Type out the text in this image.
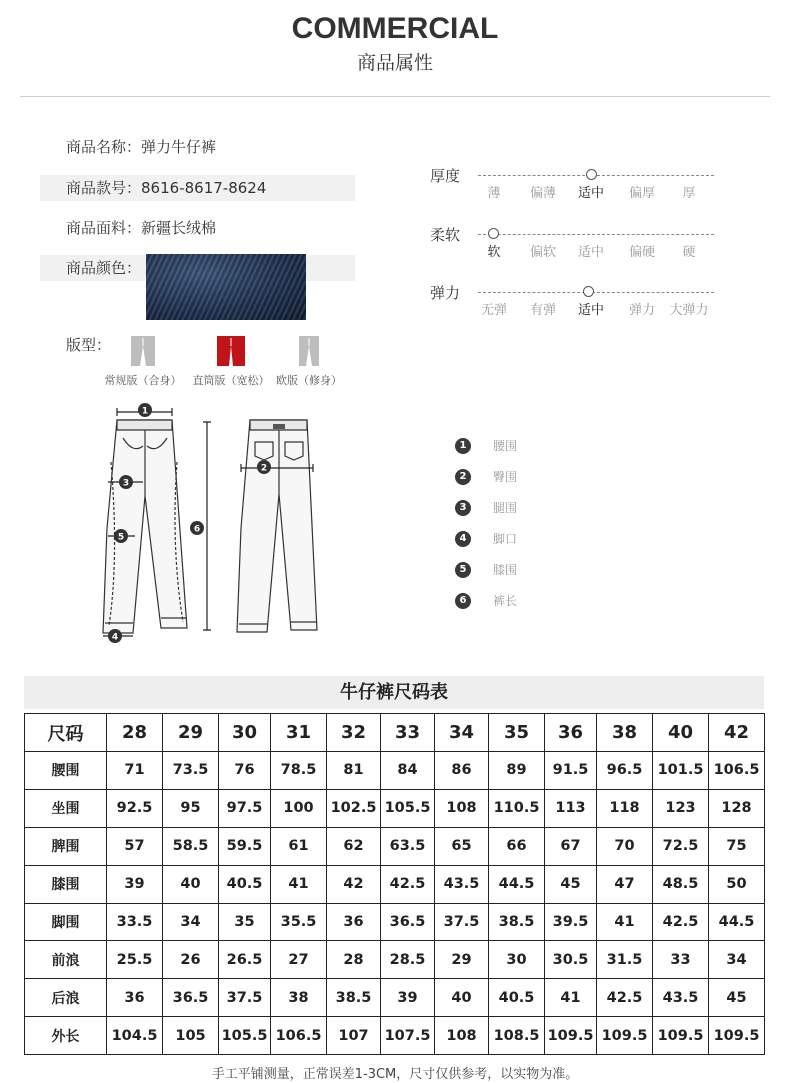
COMMERCIAL
商品属性
商品名称：弹力牛仔裤
商品款号：8616-8617-8624
商品面料：新疆长绒棉
商品颜色：
版型：
常规版（合身）	直筒版（宽松） 欧版（修身）
厚度
薄	偏薄	适中	偏厚	厚
柔软
软	偏软	适中	偏硬	硬
弹力
无弹	有弹	适中	弹力	大弹力
1
2
3
4
5
6
1	腰围
2	臀围
3	腿围
4	脚口
5	膝围
6	裤长
牛仔裤尺码表
尺码	28	29	30	31	32	33	34	35	36	38	40	42
腰围	71	73.5	76	78.5	81	84	86	89	91.5	96.5	101.5	106.5
坐围	92.5	95	97.5	100	102.5	105.5	108	110.5	113	118	123	128
脾围	57	58.5	59.5	61	62	63.5	65	66	67	70	72.5	75
膝围	39	40	40.5	41	42	42.5	43.5	44.5	45	47	48.5	50
脚围	33.5	34	35	35.5	36	36.5	37.5	38.5	39.5	41	42.5	44.5
前浪	25.5	26	26.5	27	28	28.5	29	30	30.5	31.5	33	34
后浪	36	36.5	37.5	38	38.5	39	40	40.5	41	42.5	43.5	45
外长	104.5	105	105.5	106.5	107	107.5	108	108.5	109.5	109.5	109.5	109.5
手工平铺测量，正常误差1-3CM，尺寸仅供参考，以实物为准。
